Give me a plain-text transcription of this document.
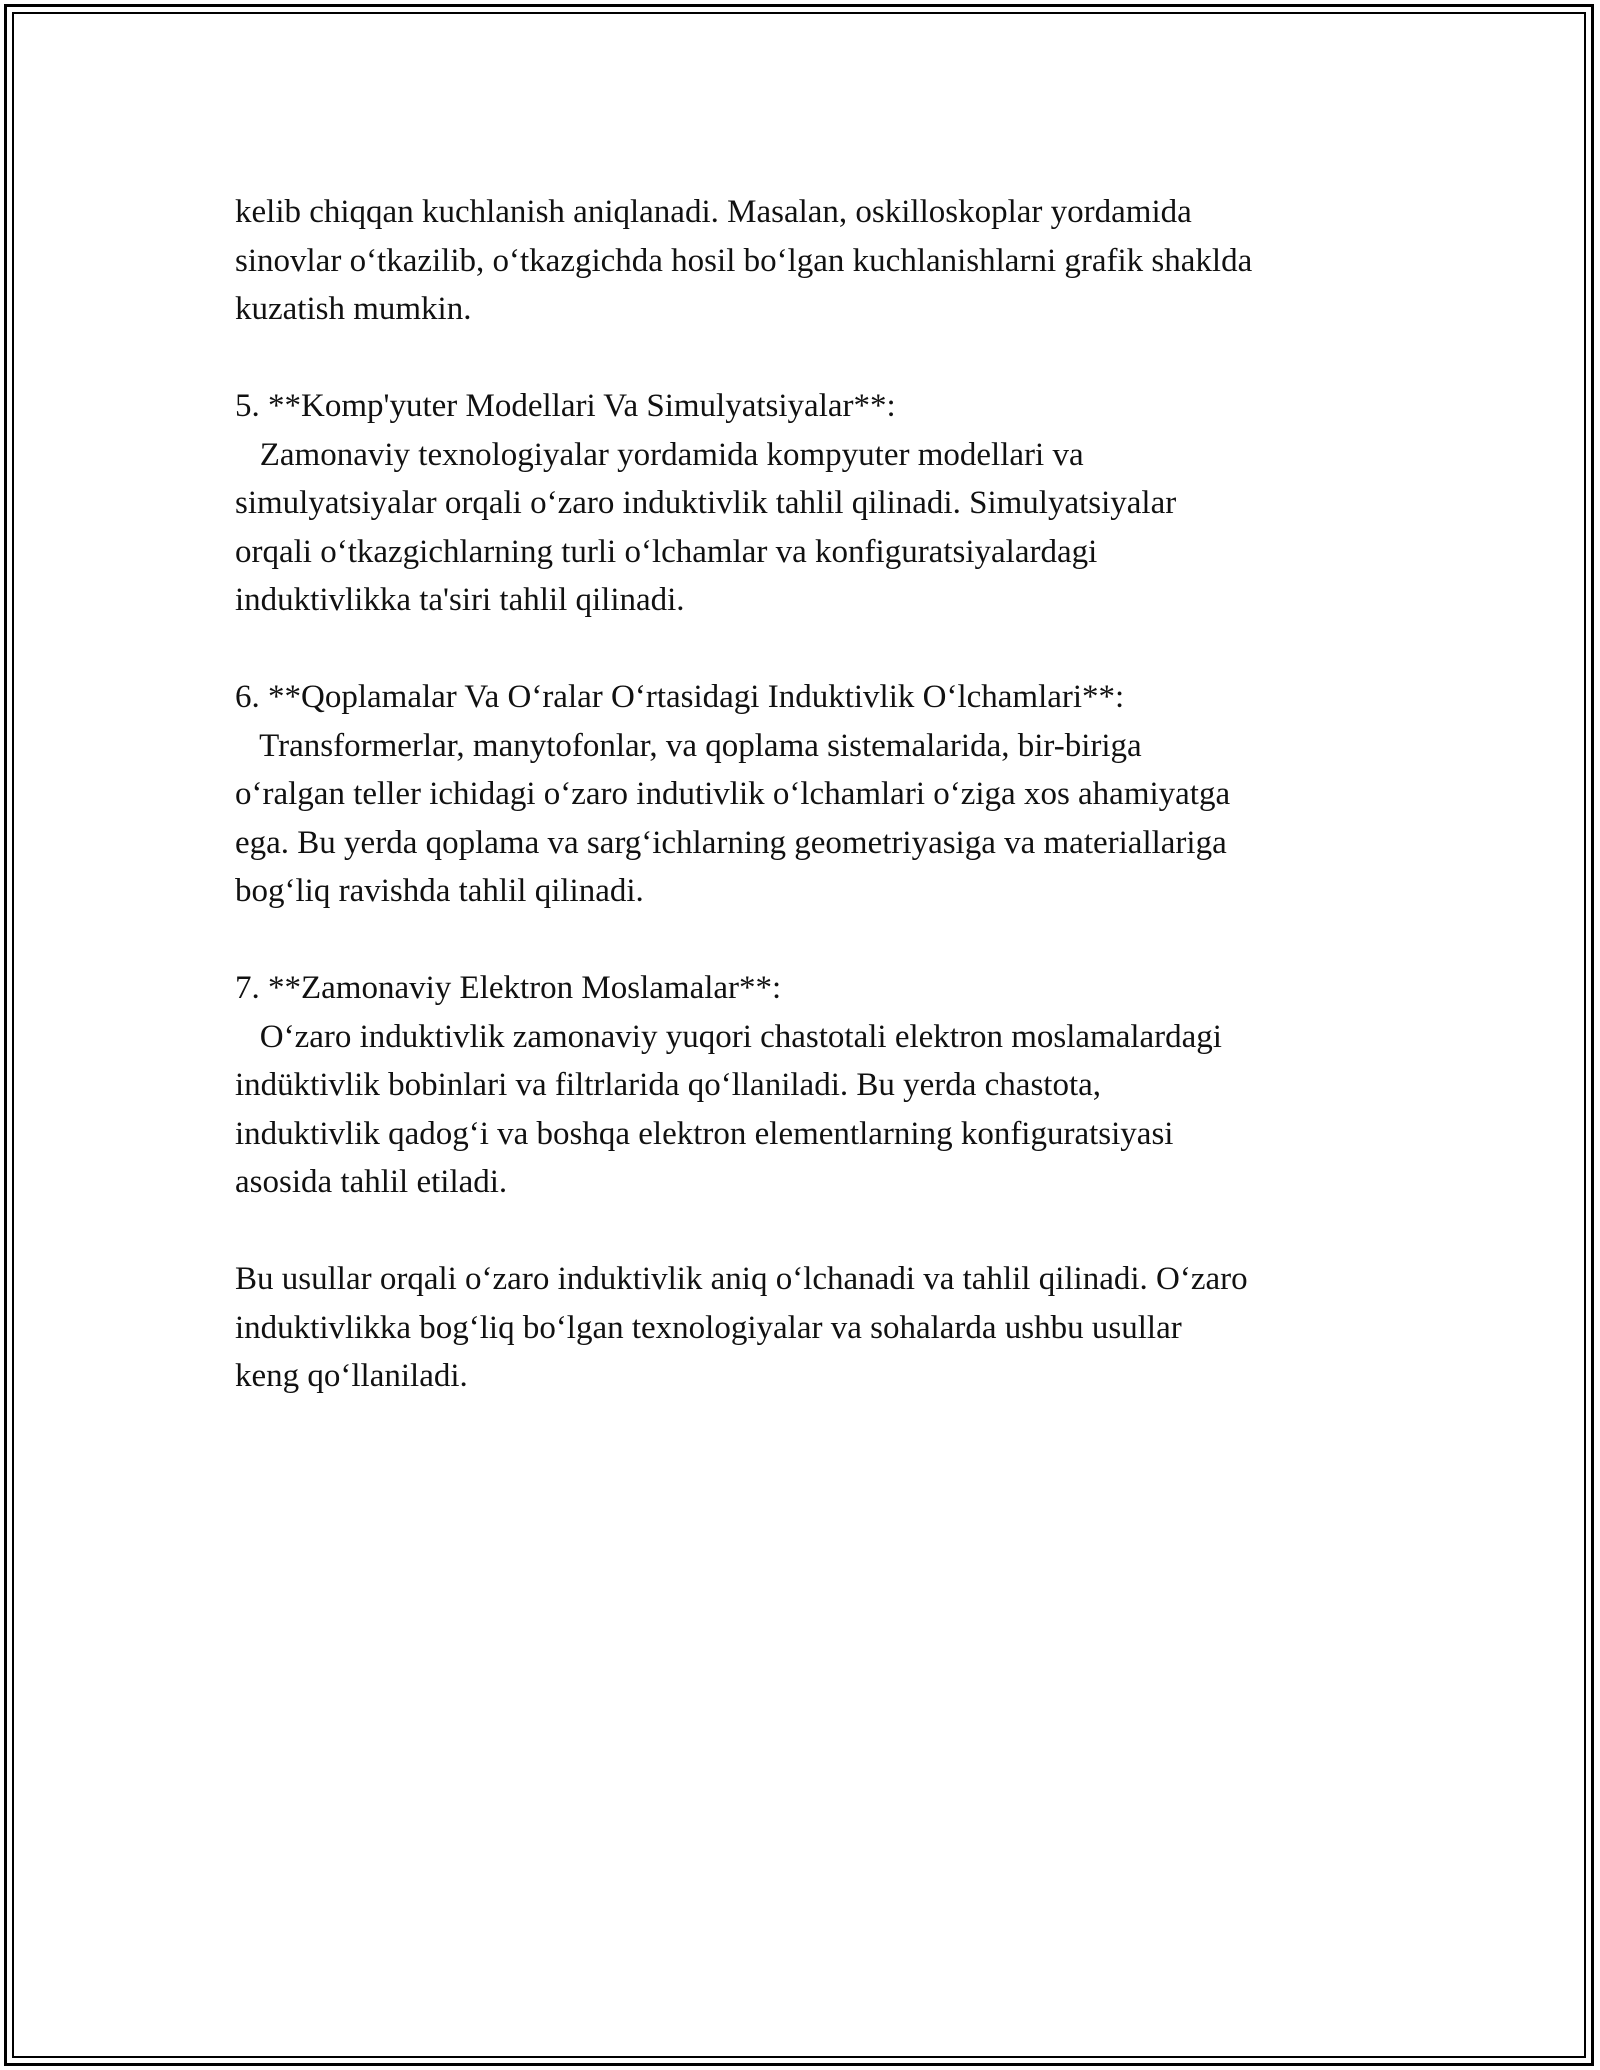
kelib chiqqan kuchlanish aniqlanadi. Masalan, oskilloskoplar yordamida
sinovlar o‘tkazilib, o‘tkazgichda hosil bo‘lgan kuchlanishlarni grafik shaklda
kuzatish mumkin.

5. **Komp'yuter Modellari Va Simulyatsiyalar**:
Zamonaviy texnologiyalar yordamida kompyuter modellari va
simulyatsiyalar orqali o‘zaro induktivlik tahlil qilinadi. Simulyatsiyalar
orqali o‘tkazgichlarning turli o‘lchamlar va konfiguratsiyalardagi
induktivlikka ta'siri tahlil qilinadi.

6. **Qoplamalar Va O‘ralar O‘rtasidagi Induktivlik O‘lchamlari**:
Transformerlar, manytofonlar, va qoplama sistemalarida, bir-biriga
o‘ralgan teller ichidagi o‘zaro indutivlik o‘lchamlari o‘ziga xos ahamiyatga
ega. Bu yerda qoplama va sarg‘ichlarning geometriyasiga va materiallariga
bog‘liq ravishda tahlil qilinadi.

7. **Zamonaviy Elektron Moslamalar**:
O‘zaro induktivlik zamonaviy yuqori chastotali elektron moslamalardagi
indüktivlik bobinlari va filtrlarida qo‘llaniladi. Bu yerda chastota,
induktivlik qadog‘i va boshqa elektron elementlarning konfiguratsiyasi
asosida tahlil etiladi.

Bu usullar orqali o‘zaro induktivlik aniq o‘lchanadi va tahlil qilinadi. O‘zaro
induktivlikka bog‘liq bo‘lgan texnologiyalar va sohalarda ushbu usullar
keng qo‘llaniladi.
